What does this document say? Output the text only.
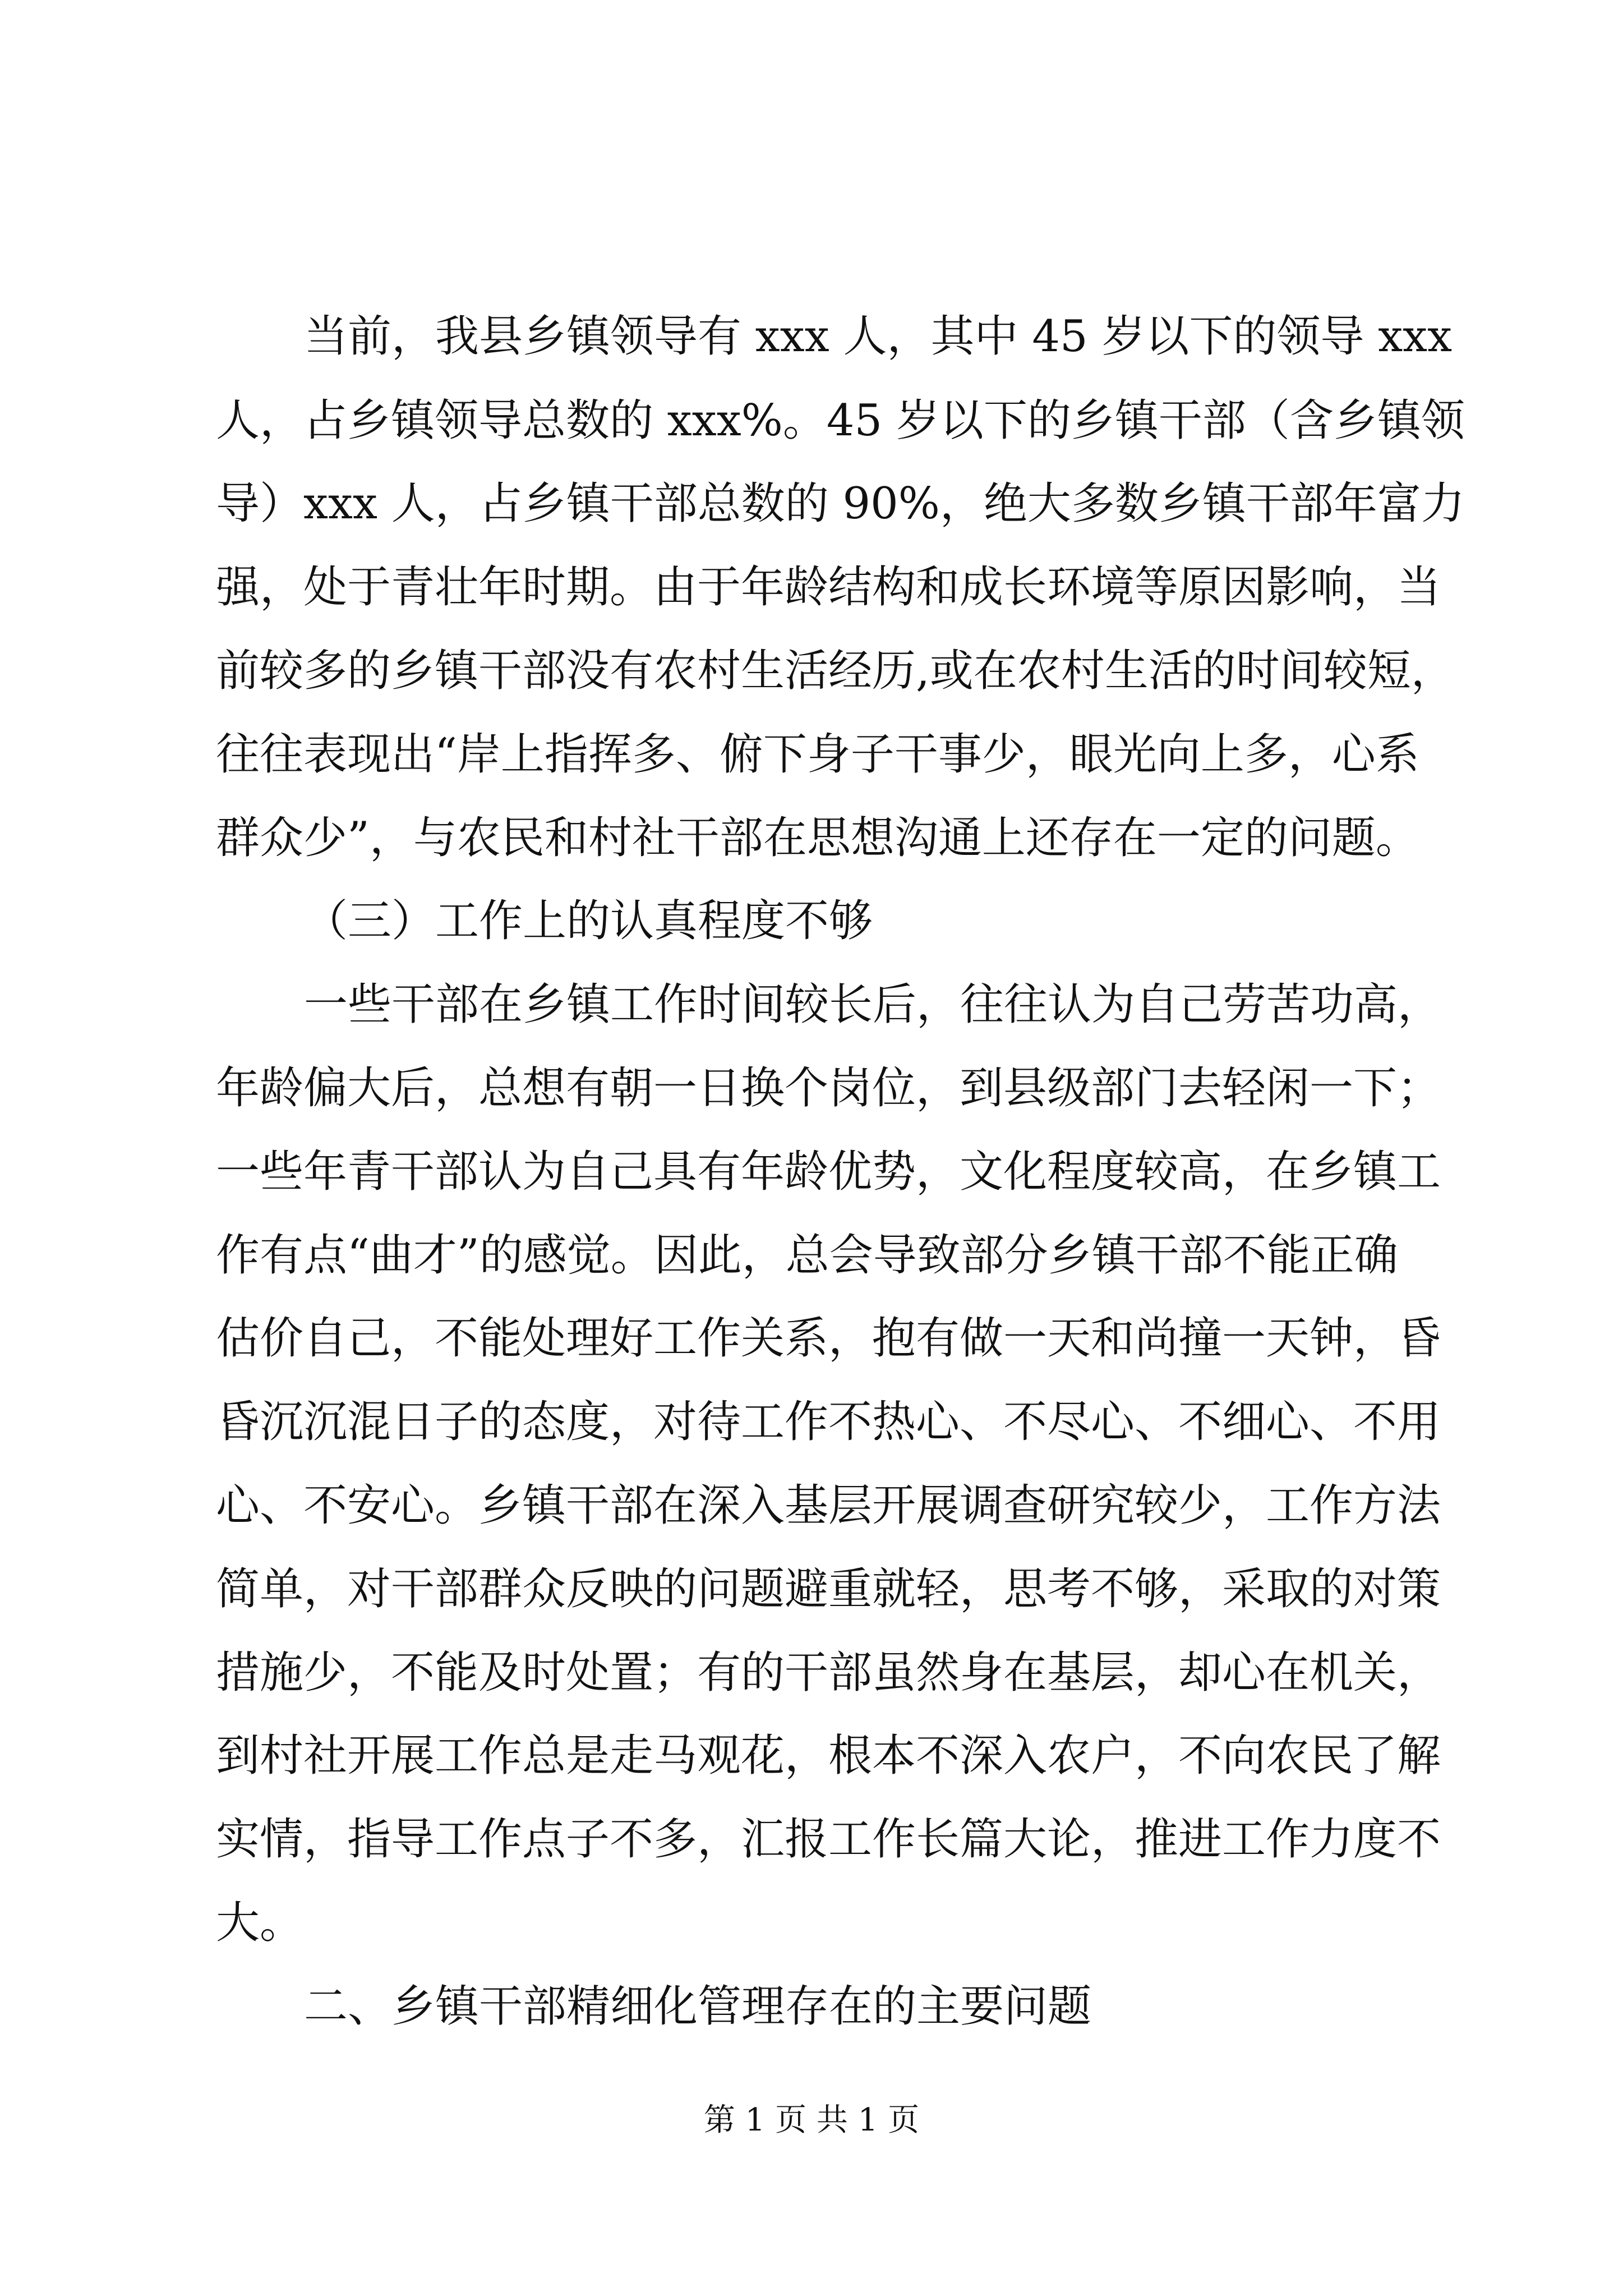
当前，我县乡镇领导有 xxx 人，其中 45 岁以下的领导 xxx
人，占乡镇领导总数的 xxx%。45 岁以下的乡镇干部（含乡镇领
导）xxx 人，占乡镇干部总数的 90%，绝大多数乡镇干部年富力
强，处于青壮年时期。由于年龄结构和成长环境等原因影响，当
前较多的乡镇干部没有农村生活经历,或在农村生活的时间较短，
往往表现出“岸上指挥多、俯下身子干事少，眼光向上多，心系
群众少”，与农民和村社干部在思想沟通上还存在一定的问题。
（三）工作上的认真程度不够
一些干部在乡镇工作时间较长后，往往认为自己劳苦功高，
年龄偏大后，总想有朝一日换个岗位，到县级部门去轻闲一下；
一些年青干部认为自己具有年龄优势，文化程度较高，在乡镇工
作有点“曲才”的感觉。因此，总会导致部分乡镇干部不能正确
估价自己，不能处理好工作关系，抱有做一天和尚撞一天钟，昏
昏沉沉混日子的态度，对待工作不热心、不尽心、不细心、不用
心、不安心。乡镇干部在深入基层开展调查研究较少，工作方法
简单，对干部群众反映的问题避重就轻，思考不够，采取的对策
措施少，不能及时处置；有的干部虽然身在基层，却心在机关，
到村社开展工作总是走马观花，根本不深入农户，不向农民了解
实情，指导工作点子不多，汇报工作长篇大论，推进工作力度不
大。
二、乡镇干部精细化管理存在的主要问题
第 1 页 共 1 页
